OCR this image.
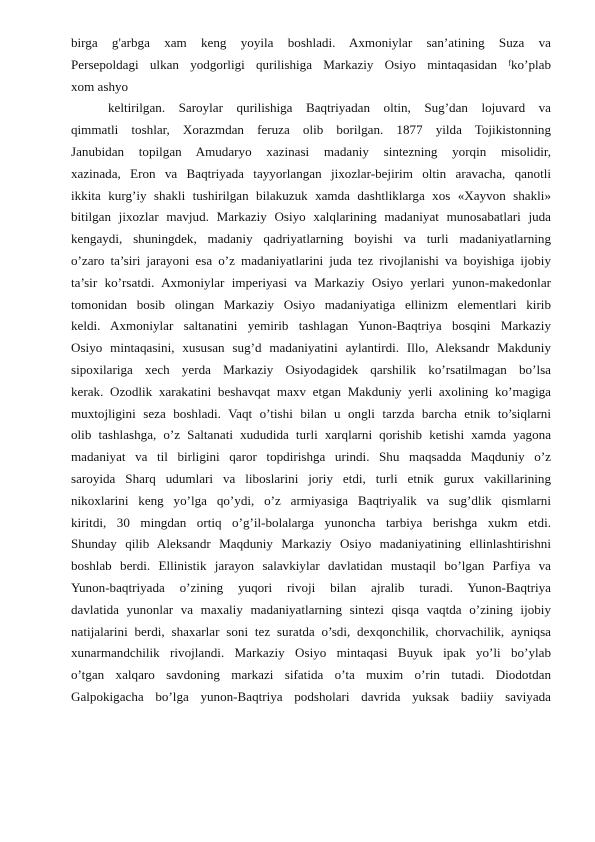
birga g'arbga xam keng yoyila boshladi. Axmoniylar san’atining Suza va
Persepoldagi ulkan yodgorligi qurilishiga Markaziy Osiyo mintaqasidan ᶠko’plab
xom ashyo
keltirilgan. Saroylar qurilishiga Baqtriyadan oltin, Sug’dan lojuvard va
qimmatli toshlar, Xorazmdan feruza olib borilgan. 1877 yilda Tojikistonning
Janubidan topilgan Amudaryo xazinasi madaniy sintezning yorqin misolidir,
xazinada, Eron va Baqtriyada tayyorlangan jixozlar-bejirim oltin aravacha, qanotli
ikkita kurg’iy shakli tushirilgan bilakuzuk xamda dashtliklarga xos «Xayvon shakli»
bitilgan jixozlar mavjud. Markaziy Osiyo xalqlarining madaniyat munosabatlari juda
kengaydi, shuningdek, madaniy qadriyatlarning boyishi va turli madaniyatlarning
o’zaro ta’siri jarayoni esa o’z madaniyatlarini juda tez rivojlanishi va boyishiga ijobiy
ta’sir ko’rsatdi. Axmoniylar imperiyasi va Markaziy Osiyo yerlari yunon-makedonlar
tomonidan bosib olingan Markaziy Osiyo madaniyatiga ellinizm elementlari kirib
keldi. Axmoniylar saltanatini yemirib tashlagan Yunon-Baqtriya bosqini Markaziy
Osiyo mintaqasini, xususan sug’d madaniyatini aylantirdi. Illo, Aleksandr Makduniy
sipoxilariga xech yerda Markaziy Osiyodagidek qarshilik ko’rsatilmagan bo’lsa
kerak. Ozodlik xarakatini beshavqat maxv etgan Makduniy yerli axolining ko’magiga
muxtojligini seza boshladi. Vaqt o’tishi bilan u ongli tarzda barcha etnik to’siqlarni
olib tashlashga, o’z Saltanati xududida turli xarqlarni qorishib ketishi xamda yagona
madaniyat va til birligini qaror topdirishga urindi. Shu maqsadda Maqduniy o’z
saroyida Sharq udumlari va liboslarini joriy etdi, turli etnik gurux vakillarining
nikoxlarini keng yo’lga qo’ydi, o’z armiyasiga Baqtriyalik va sug’dlik qismlarni
kiritdi, 30 mingdan ortiq o’g’il-bolalarga yunoncha tarbiya berishga xukm etdi.
Shunday qilib Aleksandr Maqduniy Markaziy Osiyo madaniyatining ellinlashtirishni
boshlab berdi. Ellinistik jarayon salavkiylar davlatidan mustaqil bo’lgan Parfiya va
Yunon-baqtriyada o’zining yuqori rivoji bilan ajralib turadi. Yunon-Baqtriya
davlatida yunonlar va maxaliy madaniyatlarning sintezi qisqa vaqtda o’zining ijobiy
natijalarini berdi, shaxarlar soni tez suratda o’sdi, dexqonchilik, chorvachilik, ayniqsa
xunarmandchilik rivojlandi. Markaziy Osiyo mintaqasi Buyuk ipak yo’li bo’ylab
o’tgan xalqaro savdoning markazi sifatida o’ta muxim o’rin tutadi. Diodotdan
Galpokigacha bo’lga yunon-Baqtriya podsholari davrida yuksak badiiy saviyada
